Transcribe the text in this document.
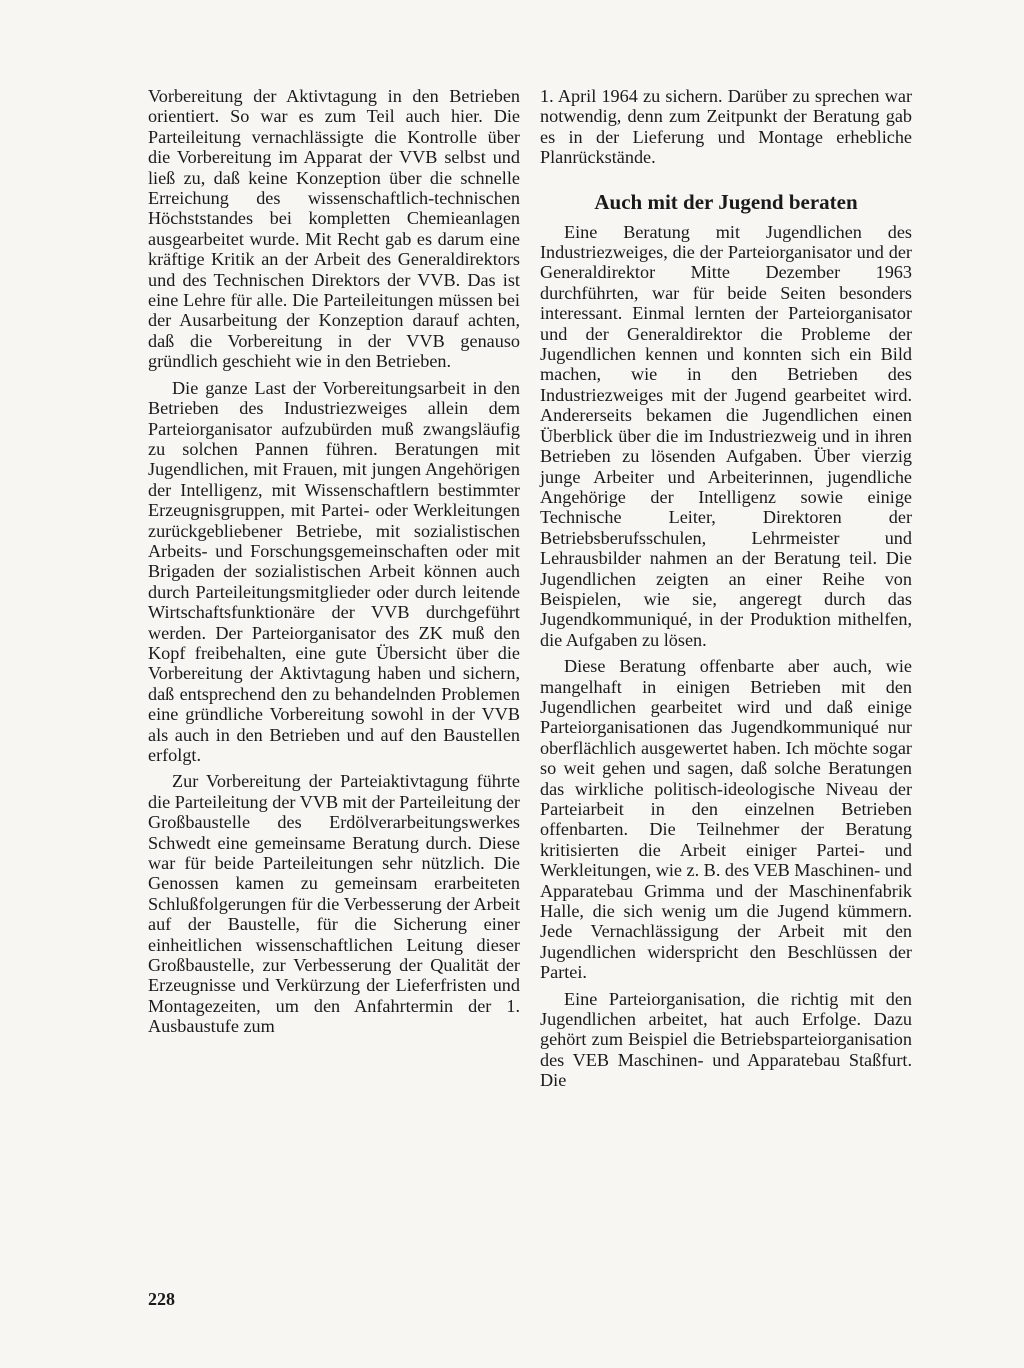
Vorbereitung der Aktivtagung in den Betrieben orientiert. So war es zum Teil auch hier. Die Parteileitung vernachlässigte die Kontrolle über die Vorbereitung im Apparat der VVB selbst und ließ zu, daß keine Konzeption über die schnelle Erreichung des wissenschaftlich-technischen Höchststandes bei kompletten Chemieanlagen ausgearbeitet wurde. Mit Recht gab es darum eine kräftige Kritik an der Arbeit des Generaldirektors und des Technischen Direktors der VVB. Das ist eine Lehre für alle. Die Parteileitungen müssen bei der Ausarbeitung der Konzeption darauf achten, daß die Vorbereitung in der VVB genauso gründlich geschieht wie in den Betrieben.

Die ganze Last der Vorbereitungsarbeit in den Betrieben des Industriezweiges allein dem Parteiorganisator aufzubürden muß zwangsläufig zu solchen Pannen führen. Beratungen mit Jugendlichen, mit Frauen, mit jungen Angehörigen der Intelligenz, mit Wissenschaftlern bestimmter Erzeugnisgruppen, mit Partei- oder Werkleitungen zurückgebliebener Betriebe, mit sozialistischen Arbeits- und Forschungsgemeinschaften oder mit Brigaden der sozialistischen Arbeit können auch durch Parteileitungsmitglieder oder durch leitende Wirtschaftsfunktionäre der VVB durchgeführt werden. Der Parteiorganisator des ZK muß den Kopf freibehalten, eine gute Übersicht über die Vorbereitung der Aktivtagung haben und sichern, daß entsprechend den zu behandelnden Problemen eine gründliche Vorbereitung sowohl in der VVB als auch in den Betrieben und auf den Baustellen erfolgt.

Zur Vorbereitung der Parteiaktivtagung führte die Parteileitung der VVB mit der Parteileitung der Großbaustelle des Erdölverarbeitungswerkes Schwedt eine gemeinsame Beratung durch. Diese war für beide Parteileitungen sehr nützlich. Die Genossen kamen zu gemeinsam erarbeiteten Schlußfolgerungen für die Verbesserung der Arbeit auf der Baustelle, für die Sicherung einer einheitlichen wissenschaftlichen Leitung dieser Großbaustelle, zur Verbesserung der Qualität der Erzeugnisse und Verkürzung der Lieferfristen und Montagezeiten, um den Anfahrtermin der 1. Ausbaustufe zum

1. April 1964 zu sichern. Darüber zu sprechen war notwendig, denn zum Zeitpunkt der Beratung gab es in der Lieferung und Montage erhebliche Planrückstände.

Auch mit der Jugend beraten

Eine Beratung mit Jugendlichen des Industriezweiges, die der Parteiorganisator und der Generaldirektor Mitte Dezember 1963 durchführten, war für beide Seiten besonders interessant. Einmal lernten der Parteiorganisator und der Generaldirektor die Probleme der Jugendlichen kennen und konnten sich ein Bild machen, wie in den Betrieben des Industriezweiges mit der Jugend gearbeitet wird. Andererseits bekamen die Jugendlichen einen Überblick über die im Industriezweig und in ihren Betrieben zu lösenden Aufgaben. Über vierzig junge Arbeiter und Arbeiterinnen, jugendliche Angehörige der Intelligenz sowie einige Technische Leiter, Direktoren der Betriebsberufsschulen, Lehrmeister und Lehrausbilder nahmen an der Beratung teil. Die Jugendlichen zeigten an einer Reihe von Beispielen, wie sie, angeregt durch das Jugendkommuniqué, in der Produktion mithelfen, die Aufgaben zu lösen.

Diese Beratung offenbarte aber auch, wie mangelhaft in einigen Betrieben mit den Jugendlichen gearbeitet wird und daß einige Parteiorganisationen das Jugendkommuniqué nur oberflächlich ausgewertet haben. Ich möchte sogar so weit gehen und sagen, daß solche Beratungen das wirkliche politisch-ideologische Niveau der Parteiarbeit in den einzelnen Betrieben offenbarten. Die Teilnehmer der Beratung kritisierten die Arbeit einiger Partei- und Werkleitungen, wie z. B. des VEB Maschinen- und Apparatebau Grimma und der Maschinenfabrik Halle, die sich wenig um die Jugend kümmern. Jede Vernachlässigung der Arbeit mit den Jugendlichen widerspricht den Beschlüssen der Partei.

Eine Parteiorganisation, die richtig mit den Jugendlichen arbeitet, hat auch Erfolge. Dazu gehört zum Beispiel die Betriebsparteiorganisation des VEB Maschinen- und Apparatebau Staßfurt. Die

228
